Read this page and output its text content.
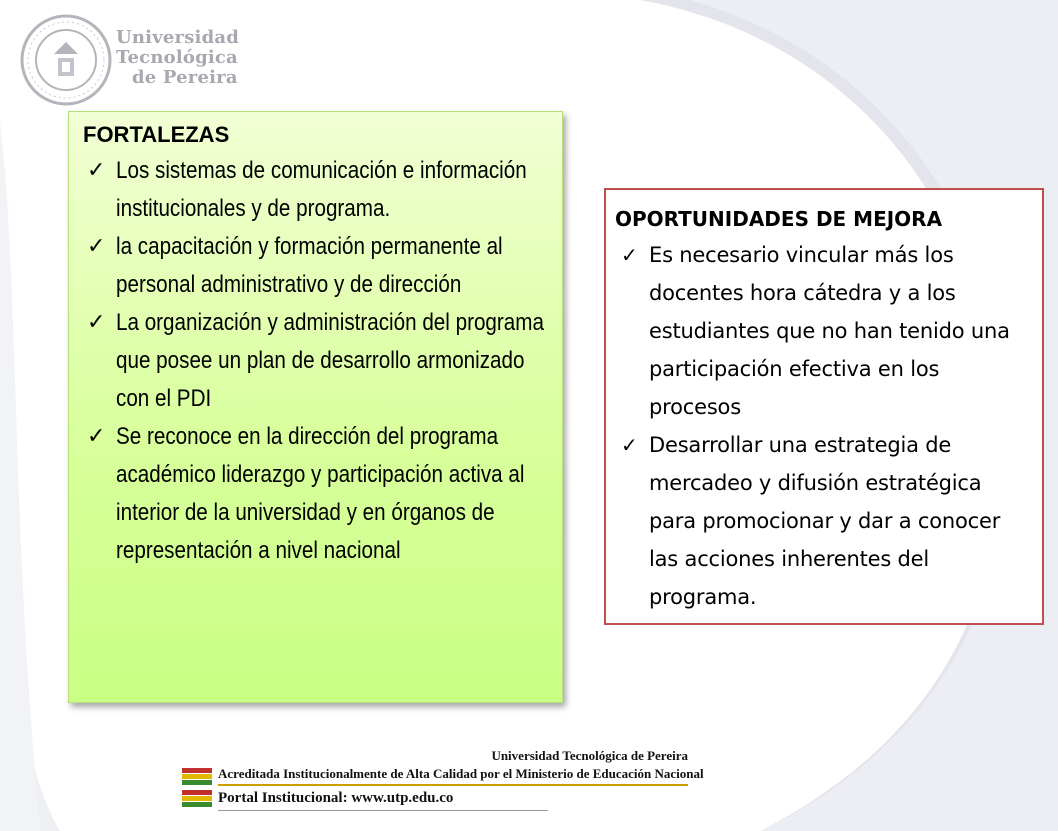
Universidad
Tecnológica
de Pereira
FORTALEZAS
✓ Los sistemas de comunicación e información institucionales y de programa.
✓ la capacitación y formación permanente al personal administrativo y de dirección
✓ La organización y administración del programa que posee un plan de desarrollo armonizado con el PDI
✓ Se reconoce en la dirección del programa académico liderazgo y participación activa al interior de la universidad y en órganos de representación a nivel nacional
OPORTUNIDADES DE MEJORA
✓ Es necesario vincular más los docentes hora cátedra y a los estudiantes que no han tenido una participación efectiva en los procesos
✓ Desarrollar una estrategia de mercadeo y difusión estratégica para promocionar y dar a conocer las acciones inherentes del programa.
Universidad Tecnológica de Pereira
Acreditada Institucionalmente de Alta Calidad por el Ministerio de Educación Nacional
Portal Institucional: www.utp.edu.co
